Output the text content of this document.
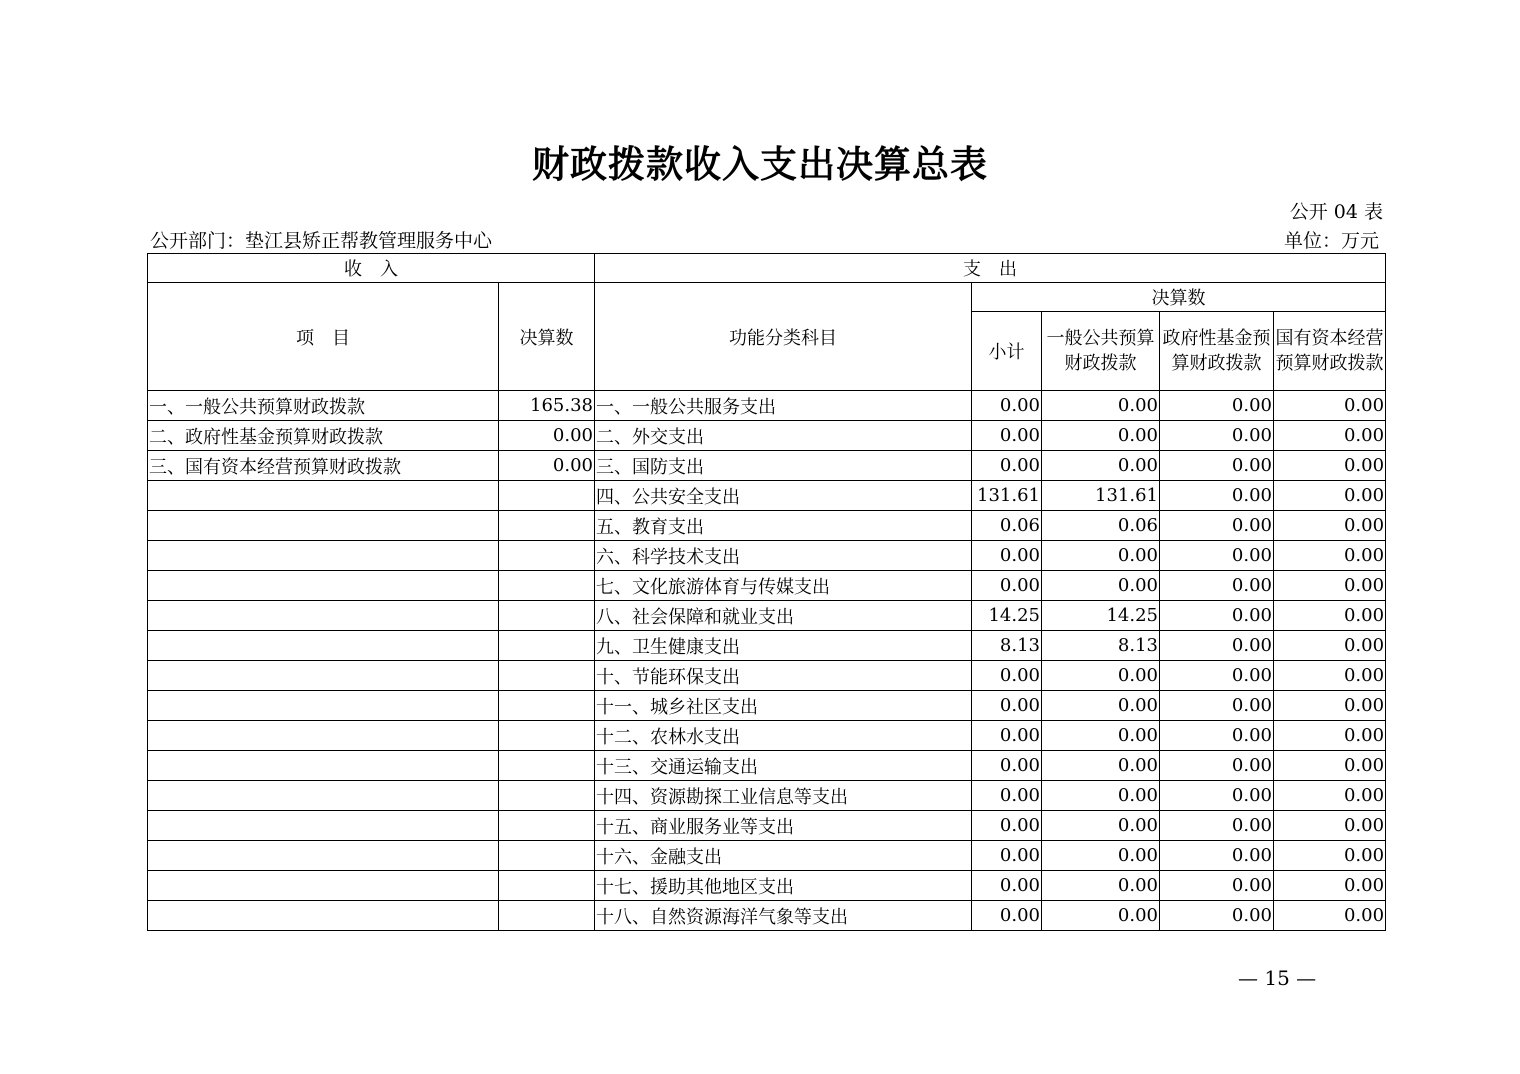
财政拨款收入支出决算总表
公开 04 表
公开部门：垫江县矫正帮教管理服务中心	单位：万元
收　入		支　出				
项　目	决算数	功能分类科目	决算数			
			小计	一般公共预算财政拨款	政府性基金预算财政拨款	国有资本经营预算财政拨款
一、一般公共预算财政拨款	165.38	一、一般公共服务支出	0.00	0.00	0.00	0.00
二、政府性基金预算财政拨款	0.00	二、外交支出	0.00	0.00	0.00	0.00
三、国有资本经营预算财政拨款	0.00	三、国防支出	0.00	0.00	0.00	0.00
		四、公共安全支出	131.61	131.61	0.00	0.00
		五、教育支出	0.06	0.06	0.00	0.00
		六、科学技术支出	0.00	0.00	0.00	0.00
		七、文化旅游体育与传媒支出	0.00	0.00	0.00	0.00
		八、社会保障和就业支出	14.25	14.25	0.00	0.00
		九、卫生健康支出	8.13	8.13	0.00	0.00
		十、节能环保支出	0.00	0.00	0.00	0.00
		十一、城乡社区支出	0.00	0.00	0.00	0.00
		十二、农林水支出	0.00	0.00	0.00	0.00
		十三、交通运输支出	0.00	0.00	0.00	0.00
		十四、资源勘探工业信息等支出	0.00	0.00	0.00	0.00
		十五、商业服务业等支出	0.00	0.00	0.00	0.00
		十六、金融支出	0.00	0.00	0.00	0.00
		十七、援助其他地区支出	0.00	0.00	0.00	0.00
		十八、自然资源海洋气象等支出	0.00	0.00	0.00	0.00
— 15 —
